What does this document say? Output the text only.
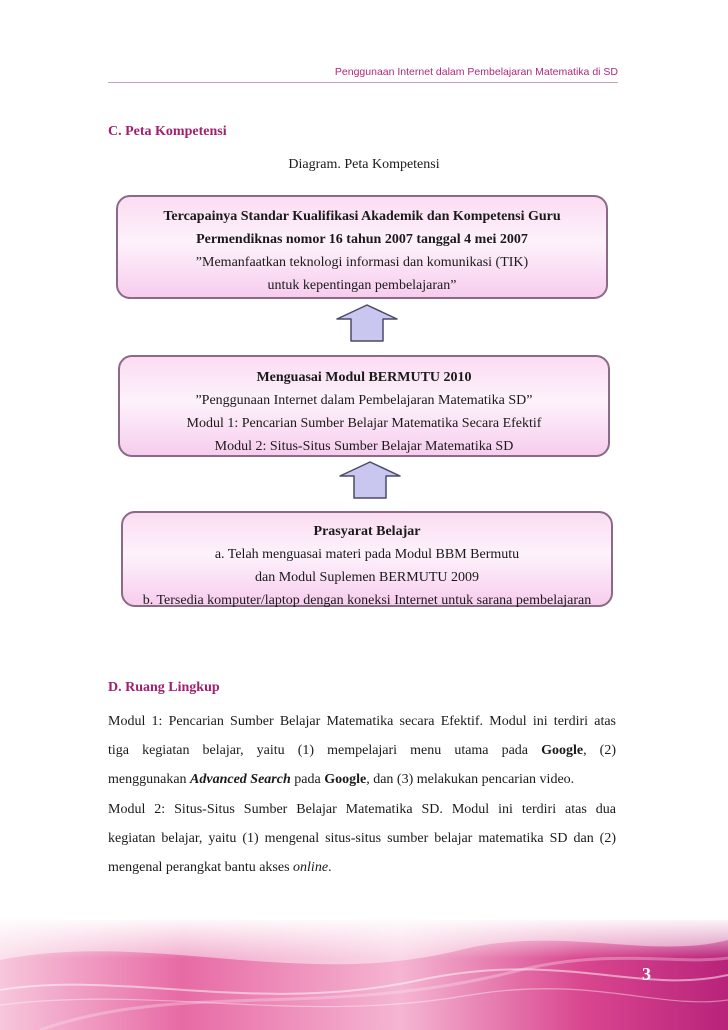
Penggunaan Internet dalam Pembelajaran Matematika di SD
C. Peta Kompetensi
Diagram. Peta Kompetensi
Tercapainya Standar Kualifikasi Akademik dan Kompetensi Guru
Permendiknas nomor 16 tahun 2007 tanggal 4 mei 2007
”Memanfaatkan teknologi informasi dan komunikasi (TIK)
untuk kepentingan pembelajaran”
Menguasai Modul BERMUTU 2010
”Penggunaan Internet dalam Pembelajaran Matematika SD”
Modul 1: Pencarian Sumber Belajar Matematika Secara Efektif
Modul 2: Situs-Situs Sumber Belajar Matematika SD
Prasyarat Belajar
a. Telah menguasai materi pada Modul BBM Bermutu
dan Modul Suplemen BERMUTU 2009
b. Tersedia komputer/laptop dengan koneksi Internet untuk sarana pembelajaran
D. Ruang Lingkup
Modul 1: Pencarian Sumber Belajar Matematika secara Efektif. Modul ini terdiri atas
tiga kegiatan belajar, yaitu (1) mempelajari menu utama pada Google, (2)
menggunakan Advanced Search pada Google, dan (3) melakukan pencarian video.
Modul 2: Situs-Situs Sumber Belajar Matematika SD. Modul ini terdiri atas dua
kegiatan belajar, yaitu (1) mengenal situs-situs sumber belajar matematika SD dan (2)
mengenal perangkat bantu akses online.
3
